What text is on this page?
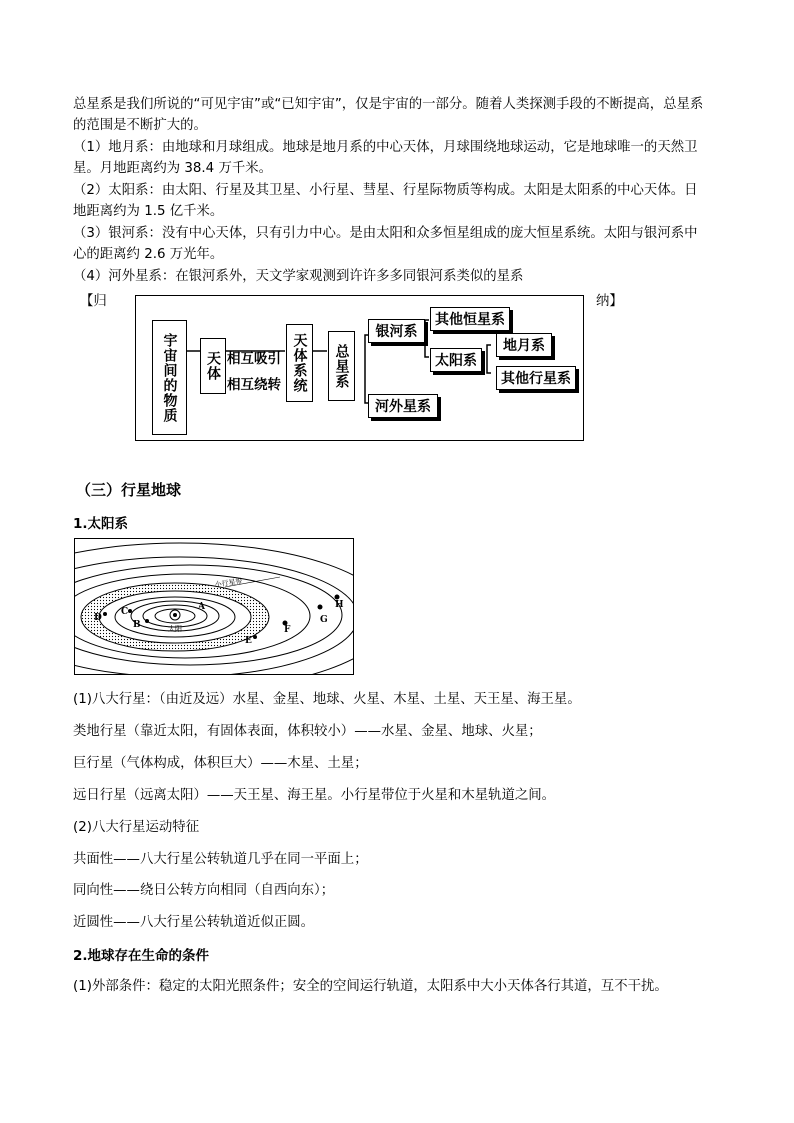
总星系是我们所说的“可见宇宙”或“已知宇宙”，仅是宇宙的一部分。随着人类探测手段的不断提高，总星系
的范围是不断扩大的。
（1）地月系：由地球和月球组成。地球是地月系的中心天体，月球围绕地球运动，它是地球唯一的天然卫
星。月地距离约为 38.4 万千米。
（2）太阳系：由太阳、行星及其卫星、小行星、彗星、行星际物质等构成。太阳是太阳系的中心天体。日
地距离约为 1.5 亿千米。
（3）银河系：没有中心天体，只有引力中心。是由太阳和众多恒星组成的庞大恒星系统。太阳与银河系中
心的距离约 2.6 万光年。
（4）河外星系：在银河系外，天文学家观测到许许多多同银河系类似的星系
【归	纳】
宇宙间的物质	天体 相互吸引
相互绕转 天体系统	总星系
银河系
其他恒星系
太阳系
地月系
其他行星系
河外星系
（三）行星地球
1.太阳系
太阳
小行星带
A
B
C
D
E
F
G
H
(1)八大行星：（由近及远）水星、金星、地球、火星、木星、土星、天王星、海王星。
类地行星（靠近太阳，有固体表面，体积较小）——水星、金星、地球、火星；
巨行星（气体构成，体积巨大）——木星、土星；
远日行星（远离太阳）——天王星、海王星。小行星带位于火星和木星轨道之间。
(2)八大行星运动特征
共面性——八大行星公转轨道几乎在同一平面上；
同向性——绕日公转方向相同（自西向东）；
近圆性——八大行星公转轨道近似正圆。
2.地球存在生命的条件
(1)外部条件：稳定的太阳光照条件；安全的空间运行轨道，太阳系中大小天体各行其道，互不干扰。
